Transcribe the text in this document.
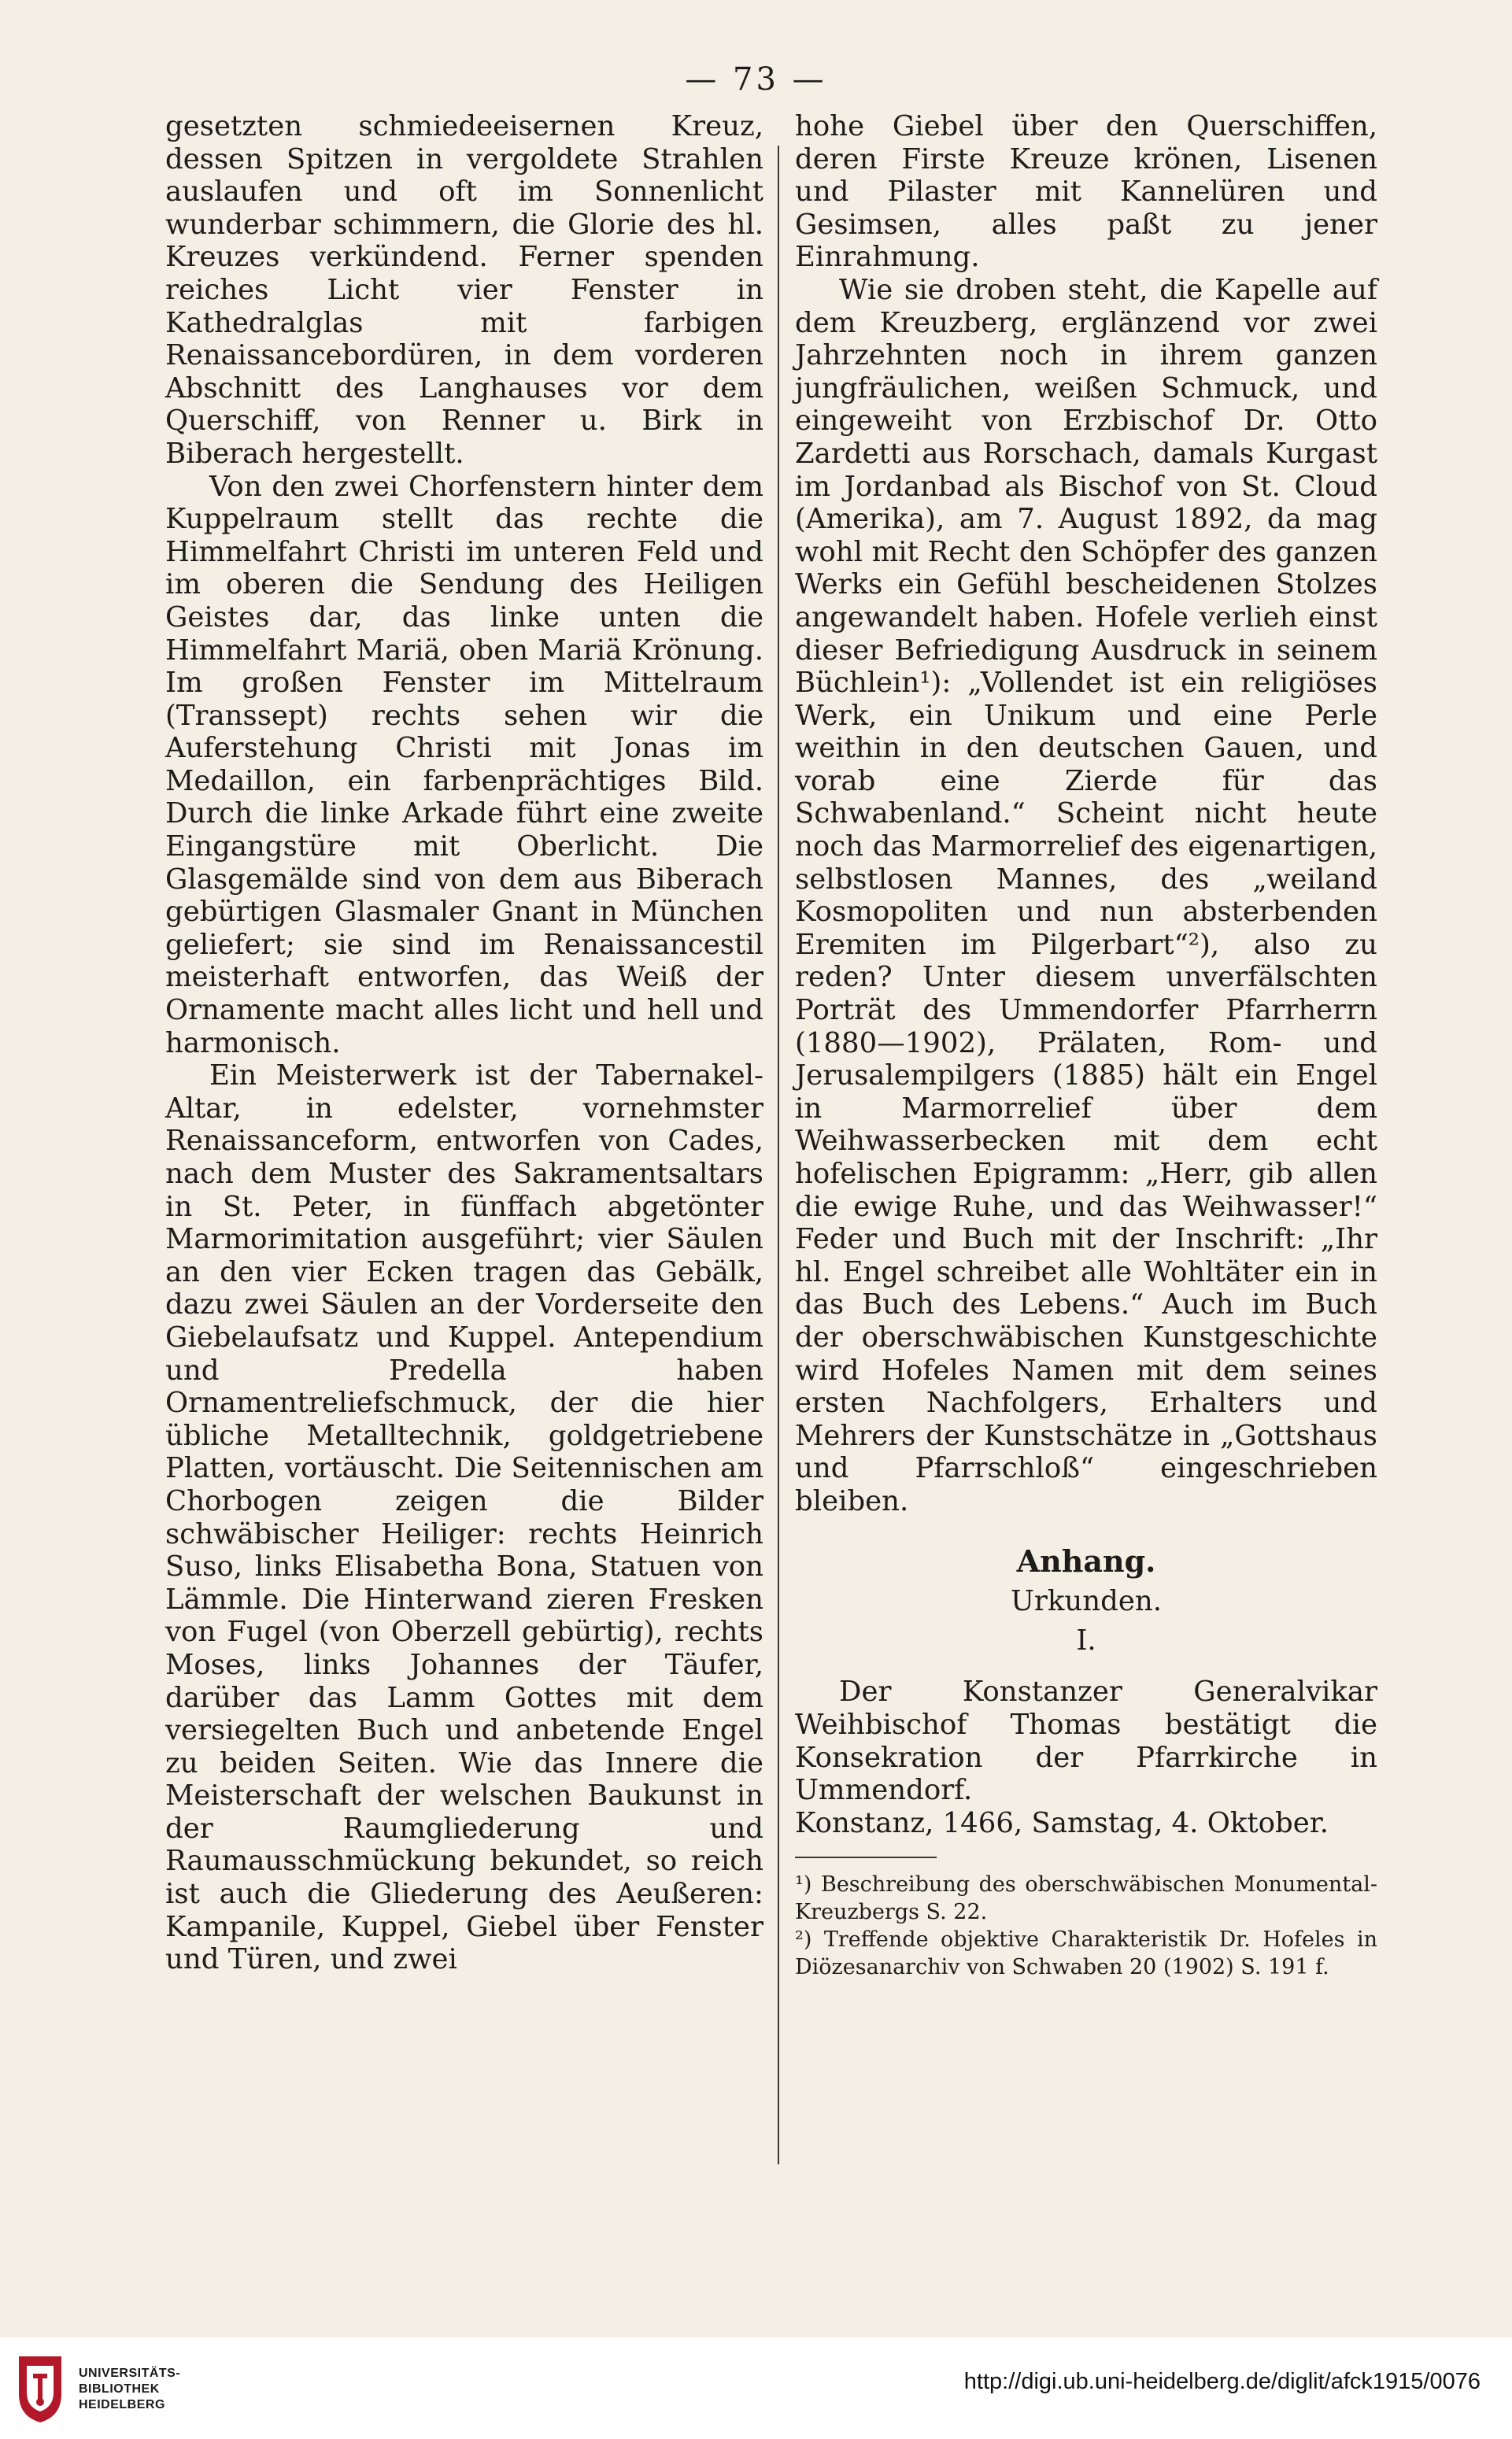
— 73 —

gesetzten schmiedeeisernen Kreuz, dessen Spitzen in vergoldete Strahlen auslaufen und oft im Sonnenlicht wunderbar schimmern, die Glorie des hl. Kreuzes verkündend. Ferner spenden reiches Licht vier Fenster in Kathedralglas mit farbigen Renaissancebordüren, in dem vorderen Abschnitt des Langhauses vor dem Querschiff, von Renner u. Birk in Biberach hergestellt.

Von den zwei Chorfenstern hinter dem Kuppelraum stellt das rechte die Himmelfahrt Christi im unteren Feld und im oberen die Sendung des Heiligen Geistes dar, das linke unten die Himmelfahrt Mariä, oben Mariä Krönung. Im großen Fenster im Mittelraum (Transsept) rechts sehen wir die Auferstehung Christi mit Jonas im Medaillon, ein farbenprächtiges Bild. Durch die linke Arkade führt eine zweite Eingangstüre mit Oberlicht. Die Glasgemälde sind von dem aus Biberach gebürtigen Glasmaler Gnant in München geliefert; sie sind im Renaissancestil meisterhaft entworfen, das Weiß der Ornamente macht alles licht und hell und harmonisch.

Ein Meisterwerk ist der Tabernakel-Altar, in edelster, vornehmster Renaissanceform, entworfen von Cades, nach dem Muster des Sakramentsaltars in St. Peter, in fünffach abgetönter Marmorimitation ausgeführt; vier Säulen an den vier Ecken tragen das Gebälk, dazu zwei Säulen an der Vorderseite den Giebelaufsatz und Kuppel. Antependium und Predella haben Ornamentreliefschmuck, der die hier übliche Metalltechnik, goldgetriebene Platten, vortäuscht. Die Seitennischen am Chorbogen zeigen die Bilder schwäbischer Heiliger: rechts Heinrich Suso, links Elisabetha Bona, Statuen von Lämmle. Die Hinterwand zieren Fresken von Fugel (von Oberzell gebürtig), rechts Moses, links Johannes der Täufer, darüber das Lamm Gottes mit dem versiegelten Buch und anbetende Engel zu beiden Seiten. Wie das Innere die Meisterschaft der welschen Baukunst in der Raumgliederung und Raumausschmückung bekundet, so reich ist auch die Gliederung des Aeußeren: Kampanile, Kuppel, Giebel über Fenster und Türen, und zwei

hohe Giebel über den Querschiffen, deren Firste Kreuze krönen, Lisenen und Pilaster mit Kannelüren und Gesimsen, alles paßt zu jener Einrahmung.

Wie sie droben steht, die Kapelle auf dem Kreuzberg, erglänzend vor zwei Jahrzehnten noch in ihrem ganzen jungfräulichen, weißen Schmuck, und eingeweiht von Erzbischof Dr. Otto Zardetti aus Rorschach, damals Kurgast im Jordanbad als Bischof von St. Cloud (Amerika), am 7. August 1892, da mag wohl mit Recht den Schöpfer des ganzen Werks ein Gefühl bescheidenen Stolzes angewandelt haben. Hofele verlieh einst dieser Befriedigung Ausdruck in seinem Büchlein¹): „Vollendet ist ein religiöses Werk, ein Unikum und eine Perle weithin in den deutschen Gauen, und vorab eine Zierde für das Schwabenland.“ Scheint nicht heute noch das Marmorrelief des eigenartigen, selbstlosen Mannes, des „weiland Kosmopoliten und nun absterbenden Eremiten im Pilgerbart“²), also zu reden? Unter diesem unverfälschten Porträt des Ummendorfer Pfarrherrn (1880—1902), Prälaten, Rom- und Jerusalempilgers (1885) hält ein Engel in Marmorrelief über dem Weihwasserbecken mit dem echt hofelischen Epigramm: „Herr, gib allen die ewige Ruhe, und das Weihwasser!“ Feder und Buch mit der Inschrift: „Ihr hl. Engel schreibet alle Wohltäter ein in das Buch des Lebens.“ Auch im Buch der oberschwäbischen Kunstgeschichte wird Hofeles Namen mit dem seines ersten Nachfolgers, Erhalters und Mehrers der Kunstschätze in „Gottshaus und Pfarrschloß“ eingeschrieben bleiben.

Anhang.
Urkunden.
I.

Der Konstanzer Generalvikar Weihbischof Thomas bestätigt die Konsekration der Pfarrkirche in Ummendorf.

Konstanz, 1466, Samstag, 4. Oktober.

¹) Beschreibung des oberschwäbischen Monumental-Kreuzbergs S. 22.

²) Treffende objektive Charakteristik Dr. Hofeles in Diözesanarchiv von Schwaben 20 (1902) S. 191 f.

UNIVERSITÄTS-
BIBLIOTHEK
HEIDELBERG
http://digi.ub.uni-heidelberg.de/diglit/afck1915/0076
